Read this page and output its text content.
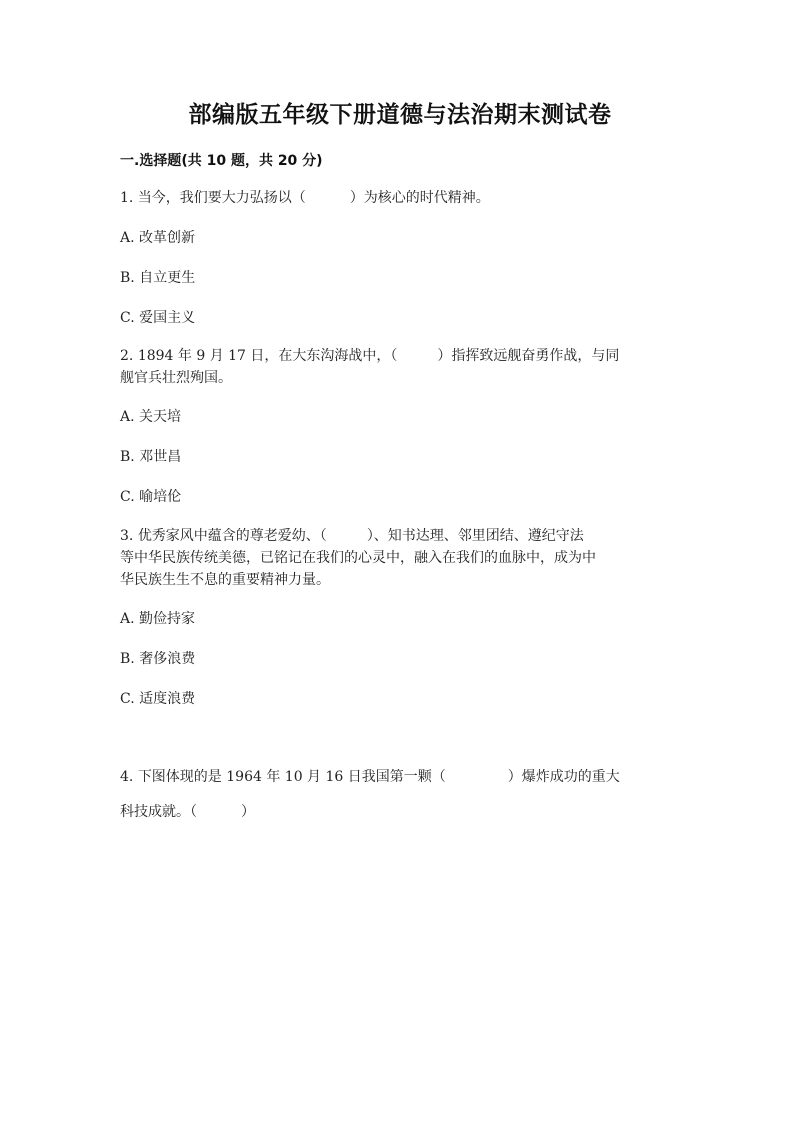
部编版五年级下册道德与法治期末测试卷
一.选择题(共 10 题，共 20 分)
1. 当今，我们要大力弘扬以（	）为核心的时代精神。
A. 改革创新
B. 自立更生
C. 爱国主义
2. 1894 年 9 月 17 日，在大东沟海战中，（	）指挥致远舰奋勇作战，与同
舰官兵壮烈殉国。
A. 关天培
B. 邓世昌
C. 喻培伦
3. 优秀家风中蕴含的尊老爱幼、（	）、知书达理、邻里团结、遵纪守法
等中华民族传统美德，已铭记在我们的心灵中，融入在我们的血脉中，成为中
华民族生生不息的重要精神力量。
A. 勤俭持家
B. 奢侈浪费
C. 适度浪费
4. 下图体现的是 1964 年 10 月 16 日我国第一颗（	）爆炸成功的重大
科技成就。（	）
